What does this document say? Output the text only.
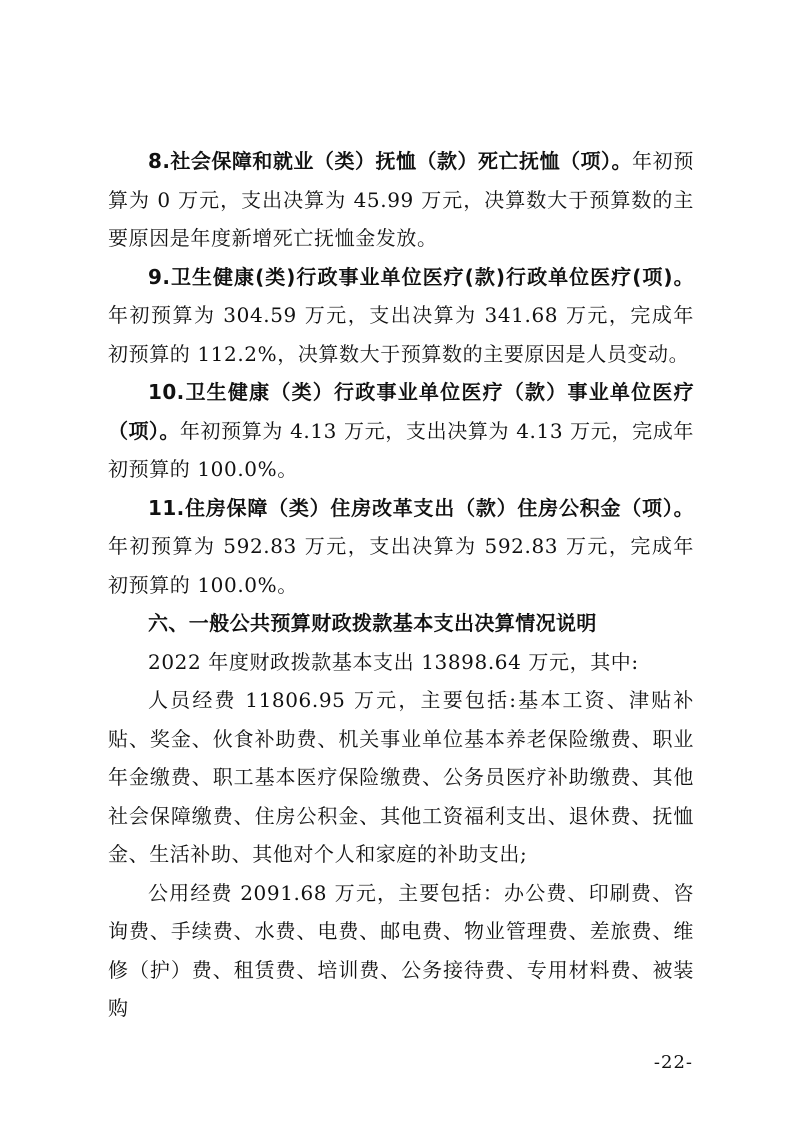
8.社会保障和就业（类）抚恤（款）死亡抚恤（项）。年初预算为 0 万元，支出决算为 45.99 万元，决算数大于预算数的主要原因是年度新增死亡抚恤金发放。

9.卫生健康(类)行政事业单位医疗(款)行政单位医疗(项)。年初预算为 304.59 万元，支出决算为 341.68 万元，完成年初预算的 112.2%，决算数大于预算数的主要原因是人员变动。

10.卫生健康（类）行政事业单位医疗（款）事业单位医疗（项）。年初预算为 4.13 万元，支出决算为 4.13 万元，完成年初预算的 100.0%。

11.住房保障（类）住房改革支出（款）住房公积金（项）。年初预算为 592.83 万元，支出决算为 592.83 万元，完成年初预算的 100.0%。

六、一般公共预算财政拨款基本支出决算情况说明

2022 年度财政拨款基本支出 13898.64 万元，其中:

人员经费 11806.95 万元，主要包括:基本工资、津贴补贴、奖金、伙食补助费、机关事业单位基本养老保险缴费、职业年金缴费、职工基本医疗保险缴费、公务员医疗补助缴费、其他社会保障缴费、住房公积金、其他工资福利支出、退休费、抚恤金、生活补助、其他对个人和家庭的补助支出;

公用经费 2091.68 万元，主要包括：办公费、印刷费、咨询费、手续费、水费、电费、邮电费、物业管理费、差旅费、维修（护）费、租赁费、培训费、公务接待费、专用材料费、被装购

-22-
